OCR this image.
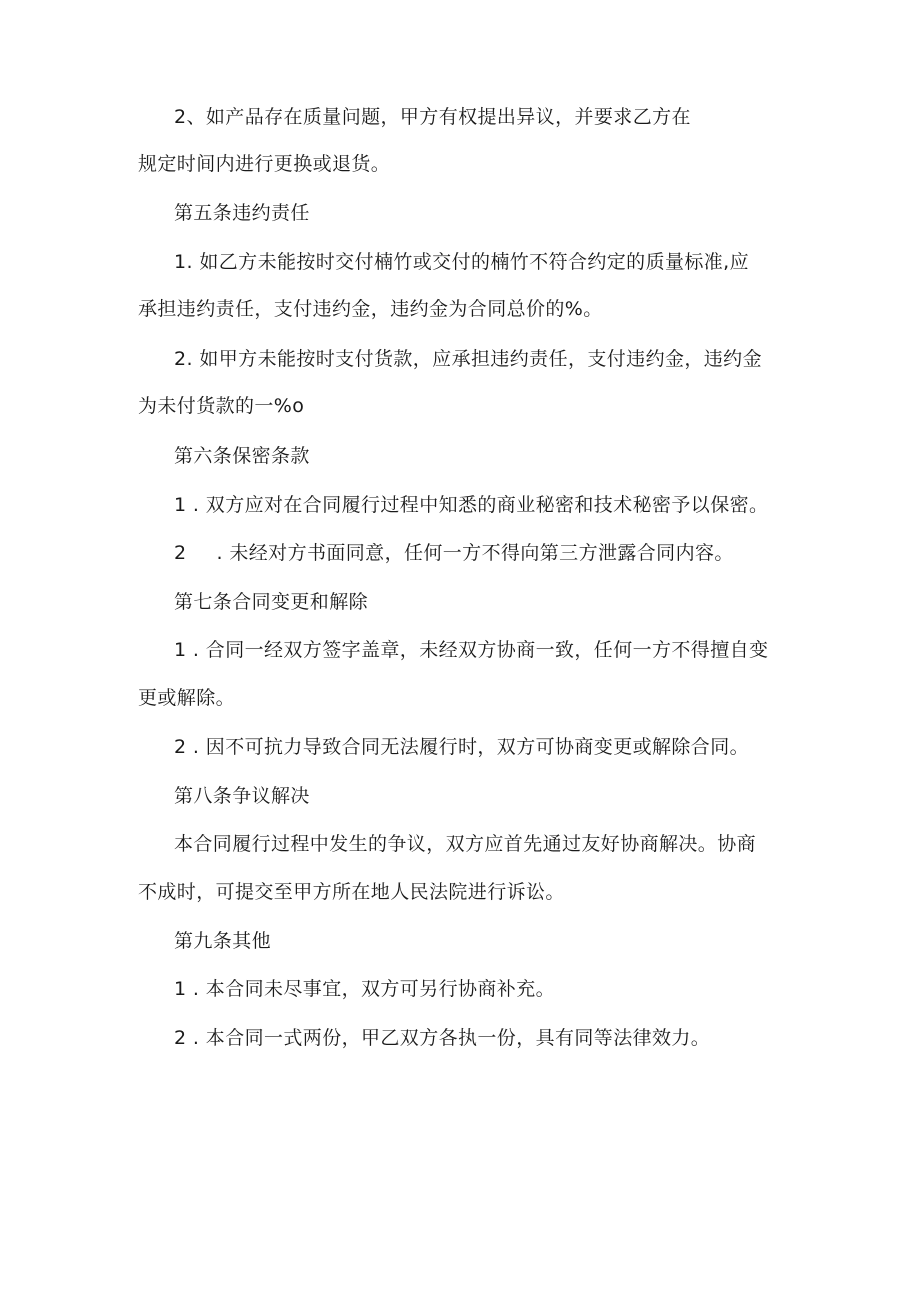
2、如产品存在质量问题，甲方有权提出异议，并要求乙方在
规定时间内进行更换或退货。
第五条违约责任
1. 如乙方未能按时交付楠竹或交付的楠竹不符合约定的质量标准,应
承担违约责任，支付违约金，违约金为合同总价的%。
2. 如甲方未能按时支付货款，应承担违约责任，支付违约金，违约金
为未付货款的一%o
第六条保密条款
1 . 双方应对在合同履行过程中知悉的商业秘密和技术秘密予以保密。
2 . 未经对方书面同意，任何一方不得向第三方泄露合同内容。
第七条合同变更和解除
1 . 合同一经双方签字盖章，未经双方协商一致，任何一方不得擅自变
更或解除。
2 . 因不可抗力导致合同无法履行时，双方可协商变更或解除合同。
第八条争议解决
本合同履行过程中发生的争议，双方应首先通过友好协商解决。协商
不成时，可提交至甲方所在地人民法院进行诉讼。
第九条其他
1 . 本合同未尽事宜，双方可另行协商补充。
2 . 本合同一式两份，甲乙双方各执一份，具有同等法律效力。
